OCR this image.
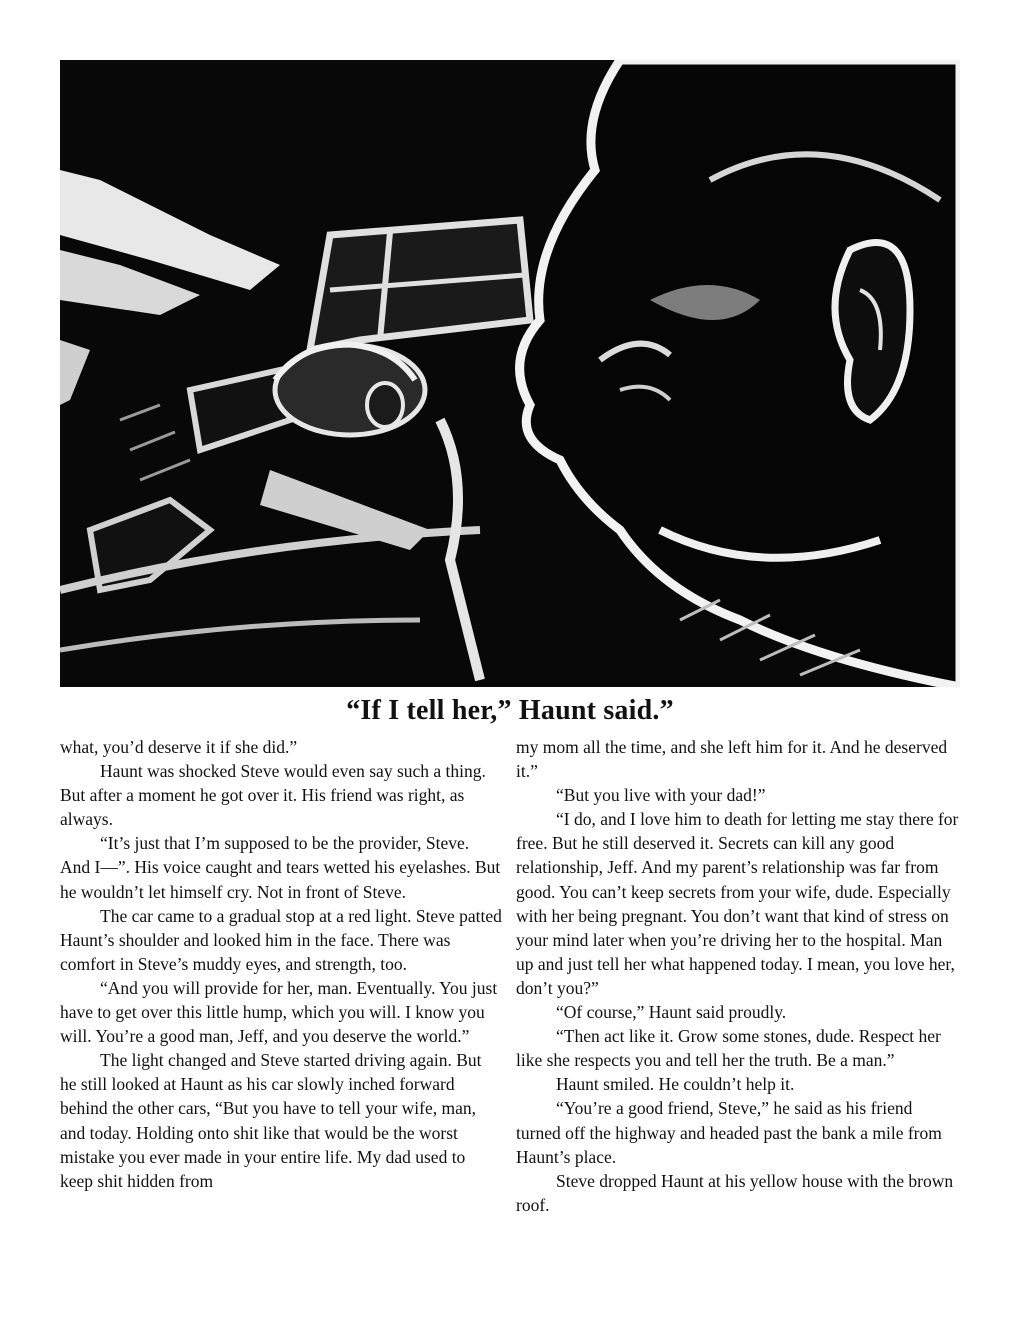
“If I tell her,” Haunt said.”

what, you’d deserve it if she did.”

Haunt was shocked Steve would even say such a thing. But after a moment he got over it. His friend was right, as always.

“It’s just that I’m supposed to be the provider, Steve. And I—”. His voice caught and tears wetted his eyelashes. But he wouldn’t let himself cry. Not in front of Steve.

The car came to a gradual stop at a red light. Steve patted Haunt’s shoulder and looked him in the face. There was comfort in Steve’s muddy eyes, and strength, too.

“And you will provide for her, man. Eventually. You just have to get over this little hump, which you will. I know you will. You’re a good man, Jeff, and you deserve the world.”

The light changed and Steve started driving again. But he still looked at Haunt as his car slowly inched forward behind the other cars, “But you have to tell your wife, man, and today. Holding onto shit like that would be the worst mistake you ever made in your entire life. My dad used to keep shit hidden from

my mom all the time, and she left him for it. And he deserved it.”

“But you live with your dad!”

“I do, and I love him to death for letting me stay there for free. But he still deserved it. Secrets can kill any good relationship, Jeff. And my parent’s relationship was far from good. You can’t keep secrets from your wife, dude. Especially with her being pregnant. You don’t want that kind of stress on your mind later when you’re driving her to the hospital. Man up and just tell her what happened today. I mean, you love her, don’t you?”

“Of course,” Haunt said proudly.

“Then act like it. Grow some stones, dude. Respect her like she respects you and tell her the truth. Be a man.”

Haunt smiled. He couldn’t help it.

“You’re a good friend, Steve,” he said as his friend turned off the highway and headed past the bank a mile from Haunt’s place.

Steve dropped Haunt at his yellow house with the brown roof.
